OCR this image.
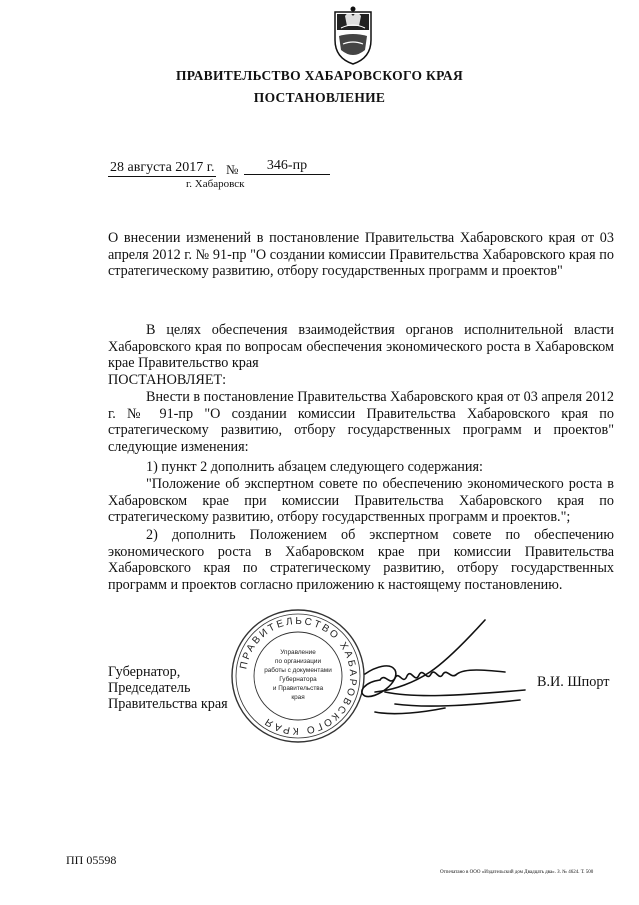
ПРАВИТЕЛЬСТВО ХАБАРОВСКОГО КРАЯ
ПОСТАНОВЛЕНИЕ
28 августа 2017 г. №	346-пр
г. Хабаровск
О внесении изменений в постановление Правительства Хабаровского края от 03 апреля 2012 г. № 91-пр "О создании комиссии Правительства Хабаровского края по стратегическому развитию, отбору государственных программ и проектов"
В целях обеспечения взаимодействия органов исполнительной власти Хабаровского края по вопросам обеспечения экономического роста в Хабаровском крае Правительство края
ПОСТАНОВЛЯЕТ:
Внести в постановление Правительства Хабаровского края от 03 апреля 2012 г. № 91-пр "О создании комиссии Правительства Хабаровского края по стратегическому развитию, отбору государственных программ и проектов" следующие изменения:
1) пункт 2 дополнить абзацем следующего содержания:
"Положение об экспертном совете по обеспечению экономического роста в Хабаровском крае при комиссии Правительства Хабаровского края по стратегическому развитию, отбору государственных программ и проектов.";
2) дополнить Положением об экспертном совете по обеспечению экономического роста в Хабаровском крае при комиссии Правительства Хабаровского края по стратегическому развитию, отбору государственных программ и проектов согласно приложению к настоящему постановлению.
Губернатор, Председатель
Правительства края
В.И. Шпорт
ПРАВИТЕЛЬСТВО ХАБАРОВСКОГО КРАЯ
Управление
по организации
работы с документами
Губернатора
и Правительства
края
ПП 05598
Отпечатано в ООО «Издательский дом Двадцать два». З. № 4624. Т. 500
